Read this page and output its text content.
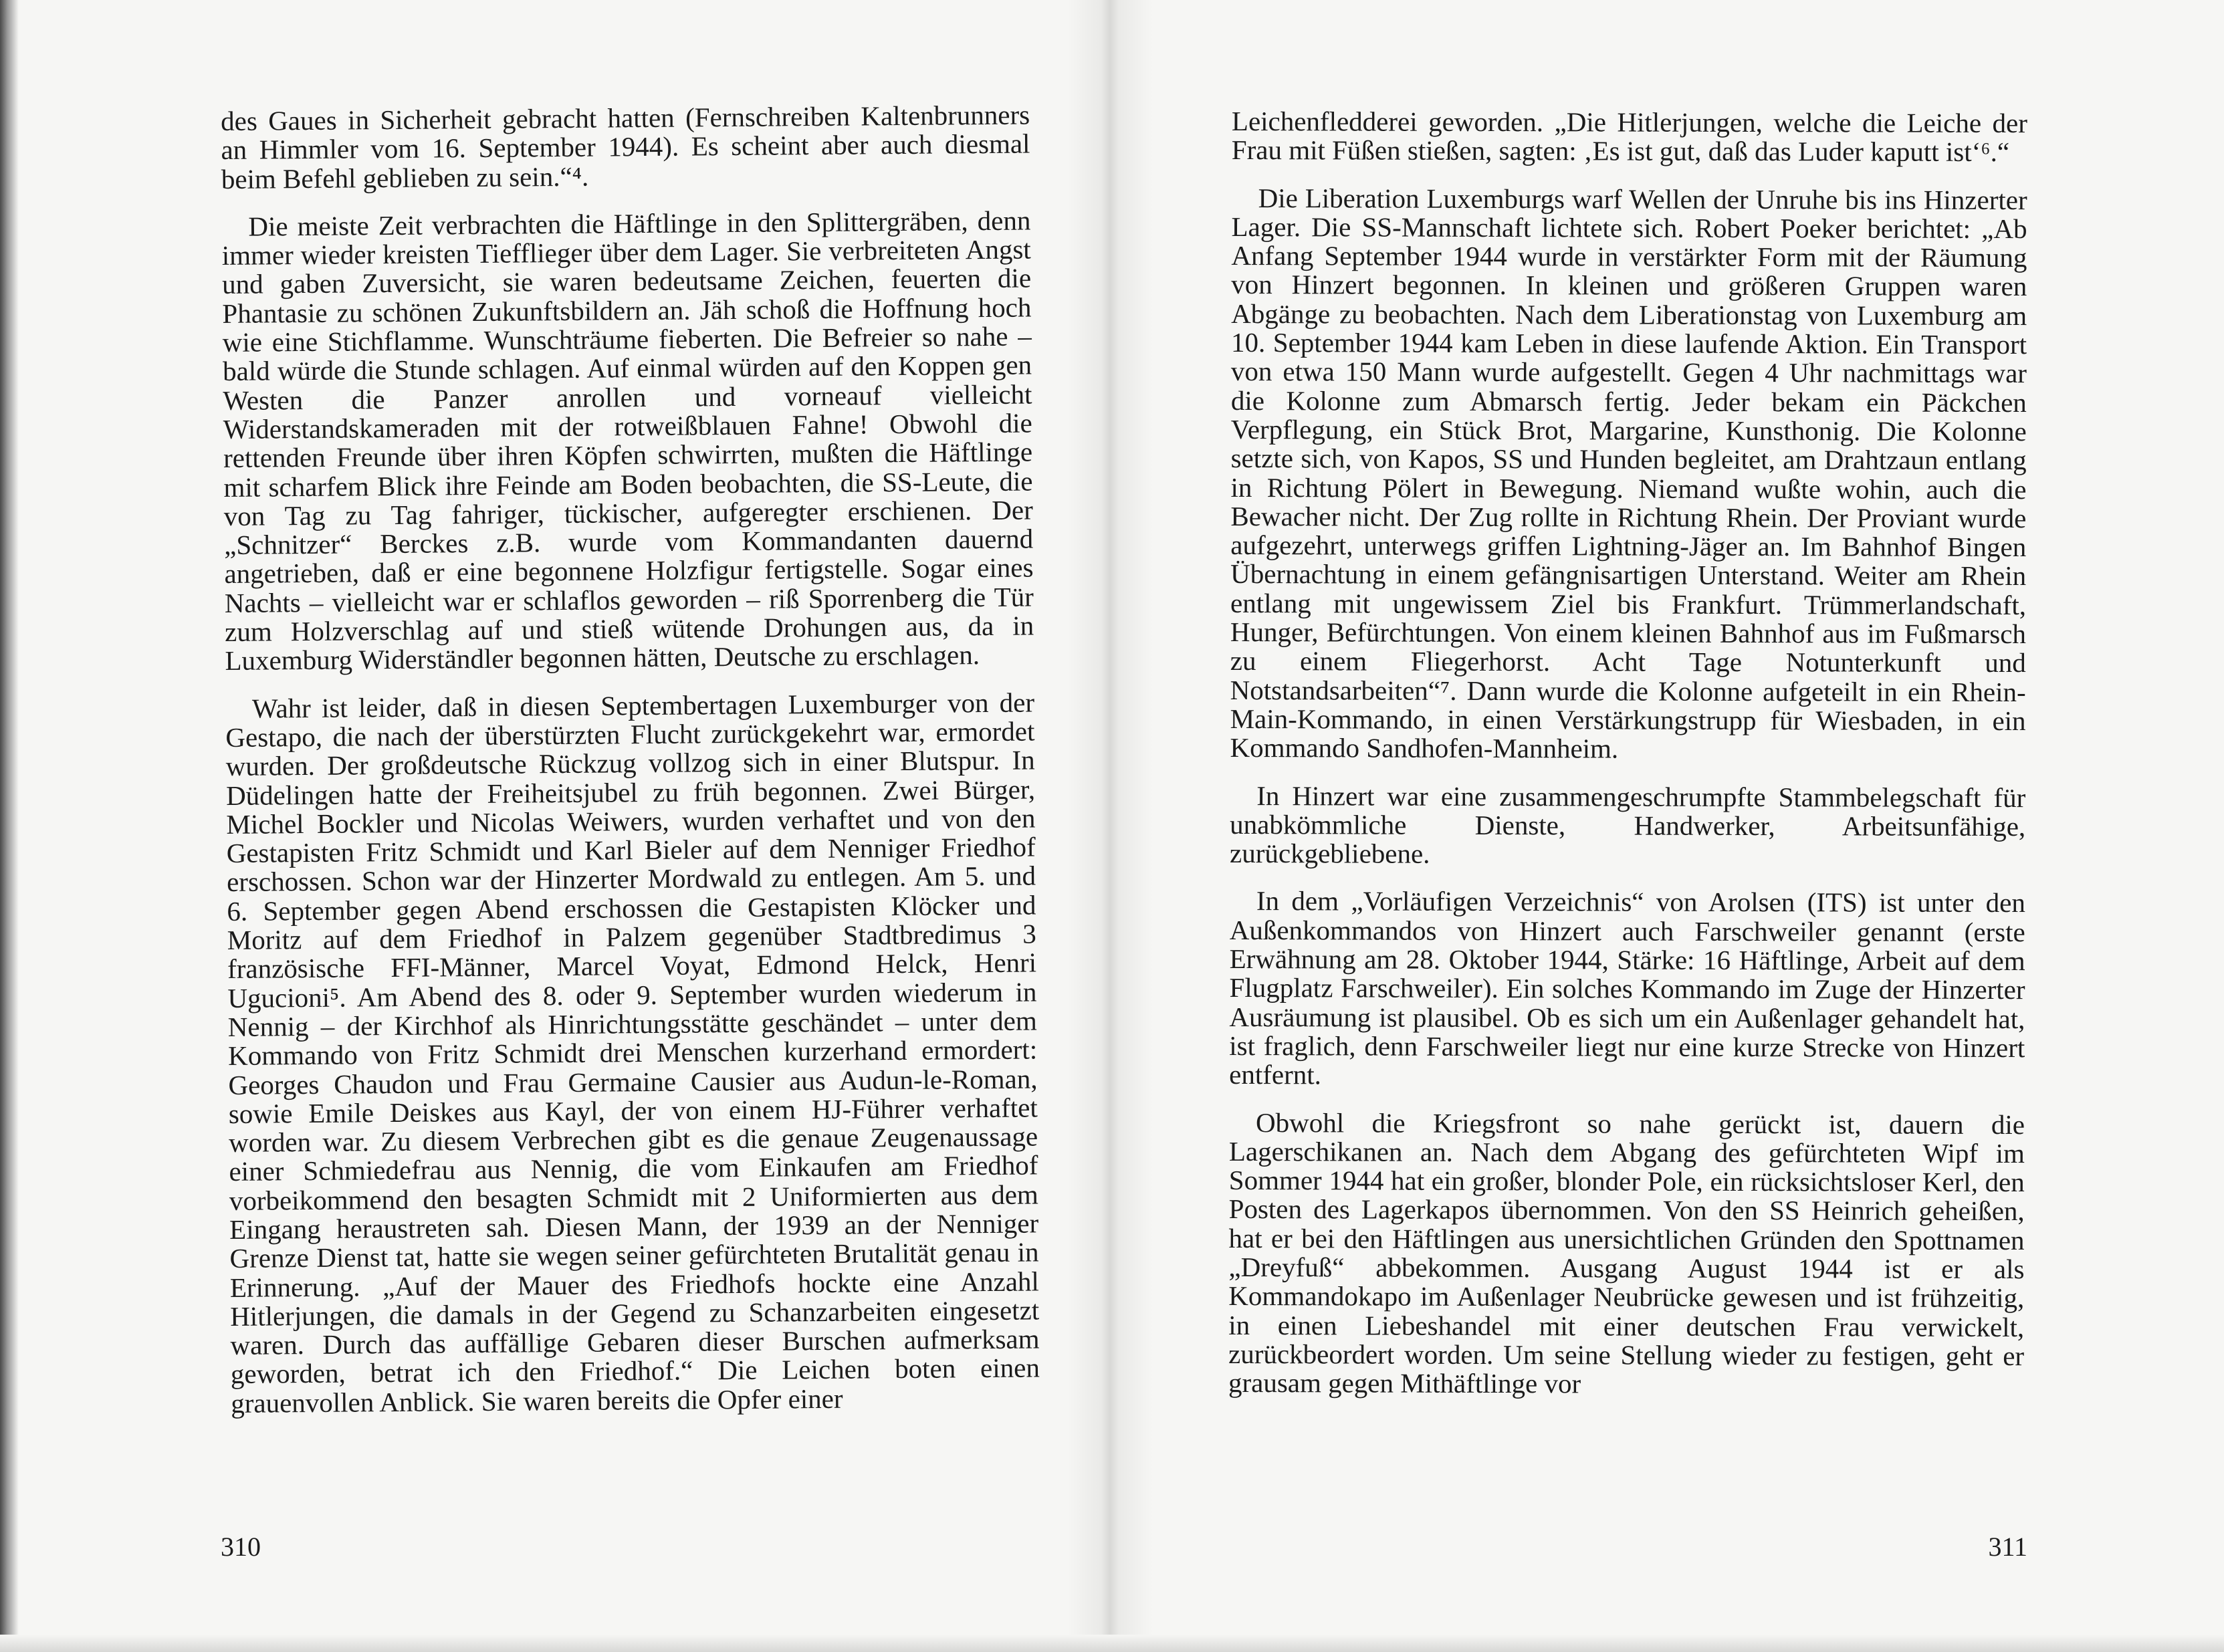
des Gaues in Sicherheit gebracht hatten (Fernschreiben Kaltenbrunners an Himmler vom 16. September 1944). Es scheint aber auch diesmal beim Befehl geblieben zu sein.“⁴.

Die meiste Zeit verbrachten die Häftlinge in den Splittergräben, denn immer wieder kreisten Tiefflieger über dem Lager. Sie verbreiteten Angst und gaben Zuversicht, sie waren bedeutsame Zeichen, feuerten die Phantasie zu schönen Zukunftsbildern an. Jäh schoß die Hoffnung hoch wie eine Stichflamme. Wunschträume fieberten. Die Befreier so nahe – bald würde die Stunde schlagen. Auf einmal würden auf den Koppen gen Westen die Panzer anrollen und vorneauf vielleicht Widerstandskameraden mit der rotweißblauen Fahne! Obwohl die rettenden Freunde über ihren Köpfen schwirrten, mußten die Häftlinge mit scharfem Blick ihre Feinde am Boden beobachten, die SS-Leute, die von Tag zu Tag fahriger, tückischer, aufgeregter erschienen. Der „Schnitzer“ Berckes z.B. wurde vom Kommandanten dauernd angetrieben, daß er eine begonnene Holzfigur fertigstelle. Sogar eines Nachts – vielleicht war er schlaflos geworden – riß Sporrenberg die Tür zum Holzverschlag auf und stieß wütende Drohungen aus, da in Luxemburg Widerständler begonnen hätten, Deutsche zu erschlagen.

Wahr ist leider, daß in diesen Septembertagen Luxemburger von der Gestapo, die nach der überstürzten Flucht zurückgekehrt war, ermordet wurden. Der großdeutsche Rückzug vollzog sich in einer Blutspur. In Düdelingen hatte der Freiheitsjubel zu früh begonnen. Zwei Bürger, Michel Bockler und Nicolas Weiwers, wurden verhaftet und von den Gestapisten Fritz Schmidt und Karl Bieler auf dem Nenniger Friedhof erschossen. Schon war der Hinzerter Mordwald zu entlegen. Am 5. und 6. September gegen Abend erschossen die Gestapisten Klöcker und Moritz auf dem Friedhof in Palzem gegenüber Stadtbredimus 3 französische FFI-Männer, Marcel Voyat, Edmond Helck, Henri Ugucioni⁵. Am Abend des 8. oder 9. September wurden wiederum in Nennig – der Kirchhof als Hinrichtungsstätte geschändet – unter dem Kommando von Fritz Schmidt drei Menschen kurzerhand ermordert: Georges Chaudon und Frau Germaine Causier aus Audun-le-Roman, sowie Emile Deiskes aus Kayl, der von einem HJ-Führer verhaftet worden war. Zu diesem Verbrechen gibt es die genaue Zeugenaussage einer Schmiedefrau aus Nennig, die vom Einkaufen am Friedhof vorbeikommend den besagten Schmidt mit 2 Uniformierten aus dem Eingang heraustreten sah. Diesen Mann, der 1939 an der Nenniger Grenze Dienst tat, hatte sie wegen seiner gefürchteten Brutalität genau in Erinnerung. „Auf der Mauer des Friedhofs hockte eine Anzahl Hitlerjungen, die damals in der Gegend zu Schanzarbeiten eingesetzt waren. Durch das auffällige Gebaren dieser Burschen aufmerksam geworden, betrat ich den Friedhof.“ Die Leichen boten einen grauenvollen Anblick. Sie waren bereits die Opfer einer

310

Leichenfledderei geworden. „Die Hitlerjungen, welche die Leiche der Frau mit Füßen stießen, sagten: ‚Es ist gut, daß das Luder kaputt ist‘⁶.“

Die Liberation Luxemburgs warf Wellen der Unruhe bis ins Hinzerter Lager. Die SS-Mannschaft lichtete sich. Robert Poeker berichtet: „Ab Anfang September 1944 wurde in verstärkter Form mit der Räumung von Hinzert begonnen. In kleinen und größeren Gruppen waren Abgänge zu beobachten. Nach dem Liberationstag von Luxemburg am 10. September 1944 kam Leben in diese laufende Aktion. Ein Transport von etwa 150 Mann wurde aufgestellt. Gegen 4 Uhr nachmittags war die Kolonne zum Abmarsch fertig. Jeder bekam ein Päckchen Verpflegung, ein Stück Brot, Margarine, Kunsthonig. Die Kolonne setzte sich, von Kapos, SS und Hunden begleitet, am Drahtzaun entlang in Richtung Pölert in Bewegung. Niemand wußte wohin, auch die Bewacher nicht. Der Zug rollte in Richtung Rhein. Der Proviant wurde aufgezehrt, unterwegs griffen Lightning-Jäger an. Im Bahnhof Bingen Übernachtung in einem gefängnisartigen Unterstand. Weiter am Rhein entlang mit ungewissem Ziel bis Frankfurt. Trümmerlandschaft, Hunger, Befürchtungen. Von einem kleinen Bahnhof aus im Fußmarsch zu einem Fliegerhorst. Acht Tage Notunterkunft und Notstandsarbeiten“⁷. Dann wurde die Kolonne aufgeteilt in ein Rhein-Main-Kommando, in einen Verstärkungstrupp für Wiesbaden, in ein Kommando Sandhofen-Mannheim.

In Hinzert war eine zusammengeschrumpfte Stammbelegschaft für unabkömmliche Dienste, Handwerker, Arbeitsunfähige, zurückgebliebene.

In dem „Vorläufigen Verzeichnis“ von Arolsen (ITS) ist unter den Außenkommandos von Hinzert auch Farschweiler genannt (erste Erwähnung am 28. Oktober 1944, Stärke: 16 Häftlinge, Arbeit auf dem Flugplatz Farschweiler). Ein solches Kommando im Zuge der Hinzerter Ausräumung ist plausibel. Ob es sich um ein Außenlager gehandelt hat, ist fraglich, denn Farschweiler liegt nur eine kurze Strecke von Hinzert entfernt.

Obwohl die Kriegsfront so nahe gerückt ist, dauern die Lagerschikanen an. Nach dem Abgang des gefürchteten Wipf im Sommer 1944 hat ein großer, blonder Pole, ein rücksichtsloser Kerl, den Posten des Lagerkapos übernommen. Von den SS Heinrich geheißen, hat er bei den Häftlingen aus unersichtlichen Gründen den Spottnamen „Dreyfuß“ abbekommen. Ausgang August 1944 ist er als Kommandokapo im Außenlager Neubrücke gewesen und ist frühzeitig, in einen Liebeshandel mit einer deutschen Frau verwickelt, zurückbeordert worden. Um seine Stellung wieder zu festigen, geht er grausam gegen Mithäftlinge vor

311
